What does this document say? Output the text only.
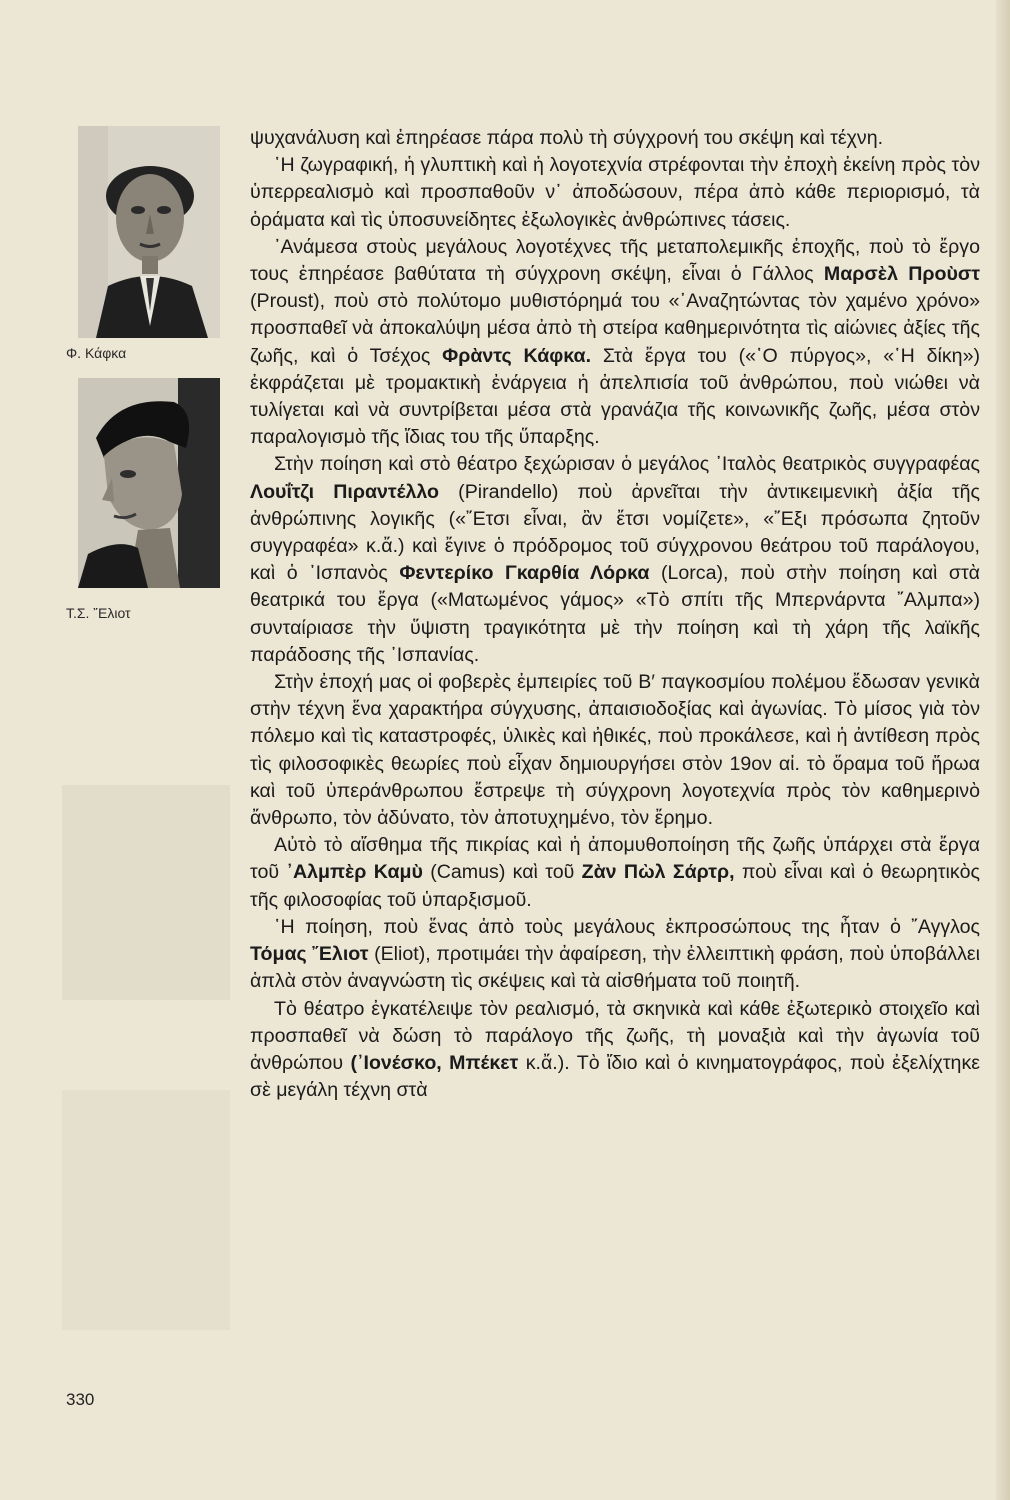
Φ. Κάφκα
Τ.Σ. ῎Ελιοτ
330

ψυχανάλυση καὶ ἐπηρέασε πάρα πολὺ τὴ σύγχρονή του σκέψη καὶ τέχνη.

῾Η ζωγραφική, ἡ γλυπτικὴ καὶ ἡ λογοτεχνία στρέφονται τὴν ἐποχὴ ἐκείνη πρὸς τὸν ὑπερρεαλισμὸ καὶ προσπαθοῦν ν᾿ ἀποδώσουν, πέρα ἀπὸ κάθε περιορισμό, τὰ ὁράματα καὶ τὶς ὑποσυνείδητες ἐξωλογικὲς ἀνθρώπινες τάσεις.

᾿Ανάμεσα στοὺς μεγάλους λογοτέχνες τῆς μεταπολεμικῆς ἐποχῆς, ποὺ τὸ ἔργο τους ἐπηρέασε βαθύτατα τὴ σύγχρονη σκέψη, εἶναι ὁ Γάλλος Μαρσὲλ Προὺστ (Proust), ποὺ στὸ πολύτομο μυθιστόρημά του «᾿Αναζητώντας τὸν χαμένο χρόνο» προσπαθεῖ νὰ ἀποκαλύψη μέσα ἀπὸ τὴ στείρα καθημερινότητα τὶς αἰώνιες ἀξίες τῆς ζωῆς, καὶ ὁ Τσέχος Φρὰντς Κάφκα. Στὰ ἔργα του («῾Ο πύργος», «῾Η δίκη») ἐκφράζεται μὲ τρομακτικὴ ἐνάργεια ἡ ἀπελπισία τοῦ ἀνθρώπου, ποὺ νιώθει νὰ τυλίγεται καὶ νὰ συντρίβεται μέσα στὰ γρανάζια τῆς κοινωνικῆς ζωῆς, μέσα στὸν παραλογισμὸ τῆς ἴδιας του τῆς ὕπαρξης.

Στὴν ποίηση καὶ στὸ θέατρο ξεχώρισαν ὁ μεγάλος ᾿Ιταλὸς θεατρικὸς συγγραφέας Λουΐτζι Πιραντέλλο (Pirandello) ποὺ ἀρνεῖται τὴν ἀντικειμενικὴ ἀξία τῆς ἀνθρώπινης λογικῆς («῎Ετσι εἶναι, ἂν ἔτσι νομίζετε», «῎Εξι πρόσωπα ζητοῦν συγγραφέα» κ.ἄ.) καὶ ἔγινε ὁ πρόδρομος τοῦ σύγχρονου θεάτρου τοῦ παράλογου, καὶ ὁ ᾿Ισπανὸς Φεντερίκο Γκαρθία Λόρκα (Lorca), ποὺ στὴν ποίηση καὶ στὰ θεατρικά του ἔργα («Ματωμένος γάμος» «Τὸ σπίτι τῆς Μπερνάρντα ῎Αλμπα») συνταίριασε τὴν ὕψιστη τραγικότητα μὲ τὴν ποίηση καὶ τὴ χάρη τῆς λαϊκῆς παράδοσης τῆς ᾿Ισπανίας.

Στὴν ἐποχή μας οἱ φοβερὲς ἐμπειρίες τοῦ Β′ παγκοσμίου πολέμου ἔδωσαν γενικὰ στὴν τέχνη ἕνα χαρακτήρα σύγχυσης, ἀπαισιοδοξίας καὶ ἀγωνίας. Τὸ μίσος γιὰ τὸν πόλεμο καὶ τὶς καταστροφές, ὑλικὲς καὶ ἠθικές, ποὺ προκάλεσε, καὶ ἡ ἀντίθεση πρὸς τὶς φιλοσοφικὲς θεωρίες ποὺ εἶχαν δημιουργήσει στὸν 19ον αἰ. τὸ ὅραμα τοῦ ἥρωα καὶ τοῦ ὑπεράνθρωπου ἔστρεψε τὴ σύγχρονη λογοτεχνία πρὸς τὸν καθημερινὸ ἄνθρωπο, τὸν ἀδύνατο, τὸν ἀποτυχημένο, τὸν ἔρημο.

Αὐτὸ τὸ αἴσθημα τῆς πικρίας καὶ ἡ ἀπομυθοποίηση τῆς ζωῆς ὑπάρχει στὰ ἔργα τοῦ ᾿Αλμπὲρ Καμὺ (Camus) καὶ τοῦ Ζὰν Πὼλ Σάρτρ, ποὺ εἶναι καὶ ὁ θεωρητικὸς τῆς φιλοσοφίας τοῦ ὑπαρξισμοῦ.

῾Η ποίηση, ποὺ ἕνας ἀπὸ τοὺς μεγάλους ἐκπροσώπους της ἦταν ὁ ῎Αγγλος Τόμας ῎Ελιοτ (Eliot), προτιμάει τὴν ἀφαίρεση, τὴν ἐλλειπτικὴ φράση, ποὺ ὑποβάλλει ἁπλὰ στὸν ἀναγνώστη τὶς σκέψεις καὶ τὰ αἰσθήματα τοῦ ποιητῆ.

Τὸ θέατρο ἐγκατέλειψε τὸν ρεαλισμό, τὰ σκηνικὰ καὶ κάθε ἐξωτερικὸ στοιχεῖο καὶ προσπαθεῖ νὰ δώση τὸ παράλογο τῆς ζωῆς, τὴ μοναξιὰ καὶ τὴν ἀγωνία τοῦ ἀνθρώπου (᾿Ιονέσκο, Μπέκετ κ.ἄ.). Τὸ ἴδιο καὶ ὁ κινηματογράφος, ποὺ ἐξελίχτηκε σὲ μεγάλη τέχνη στὰ
